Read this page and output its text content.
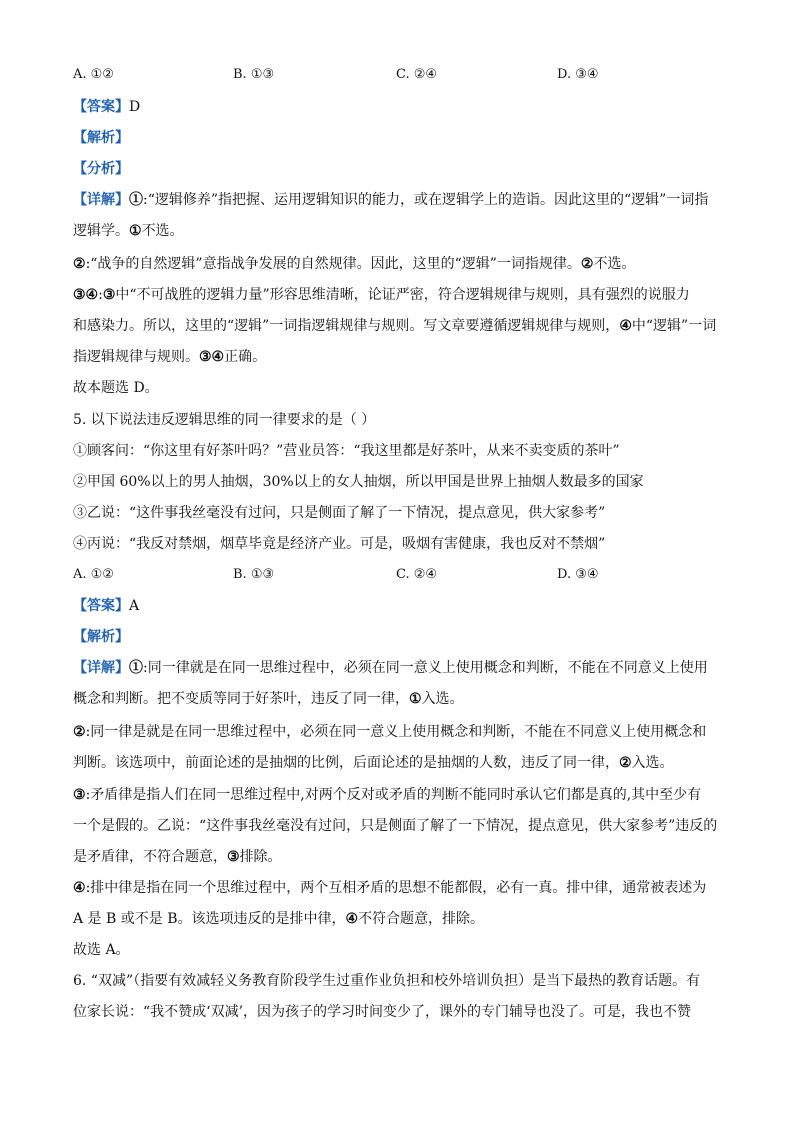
A. ①②	B. ①③	C. ②④	D. ③④
【答案】D
【解析】
【分析】
【详解】①:“逻辑修养”指把握、运用逻辑知识的能力，或在逻辑学上的造诣。因此这里的“逻辑”一词指
逻辑学。①不选。
②:“战争的自然逻辑”意指战争发展的自然规律。因此，这里的“逻辑”一词指规律。②不选。
③④:③中“不可战胜的逻辑力量”形容思维清晰，论证严密，符合逻辑规律与规则，具有强烈的说服力
和感染力。所以，这里的“逻辑”一词指逻辑规律与规则。写文章要遵循逻辑规律与规则，④中“逻辑”一词
指逻辑规律与规则。③④正确。
故本题选 D。
5. 以下说法违反逻辑思维的同一律要求的是（ ）
①顾客问：“你这里有好茶叶吗？”营业员答：“我这里都是好茶叶，从来不卖变质的茶叶”
②甲国 60%以上的男人抽烟，30%以上的女人抽烟，所以甲国是世界上抽烟人数最多的国家
③乙说：“这件事我丝毫没有过问，只是侧面了解了一下情况，提点意见，供大家参考”
④丙说：“我反对禁烟，烟草毕竟是经济产业。可是，吸烟有害健康，我也反对不禁烟”
A. ①②	B. ①③	C. ②④	D. ③④
【答案】A
【解析】
【详解】①:同一律就是在同一思维过程中，必须在同一意义上使用概念和判断，不能在不同意义上使用
概念和判断。把不变质等同于好茶叶，违反了同一律，①入选。
②:同一律是就是在同一思维过程中，必须在同一意义上使用概念和判断，不能在不同意义上使用概念和
判断。该选项中，前面论述的是抽烟的比例，后面论述的是抽烟的人数，违反了同一律，②入选。
③:矛盾律是指人们在同一思维过程中,对两个反对或矛盾的判断不能同时承认它们都是真的,其中至少有
一个是假的。乙说：“这件事我丝毫没有过问，只是侧面了解了一下情况，提点意见，供大家参考”违反的
是矛盾律，不符合题意，③排除。
④:排中律是指在同一个思维过程中，两个互相矛盾的思想不能都假，必有一真。排中律，通常被表述为
A 是 B 或不是 B。该选项违反的是排中律，④不符合题意，排除。
故选 A。
6. “双减”（指要有效减轻义务教育阶段学生过重作业负担和校外培训负担）是当下最热的教育话题。有
位家长说：“我不赞成‘双减’，因为孩子的学习时间变少了，课外的专门辅导也没了。可是，我也不赞
